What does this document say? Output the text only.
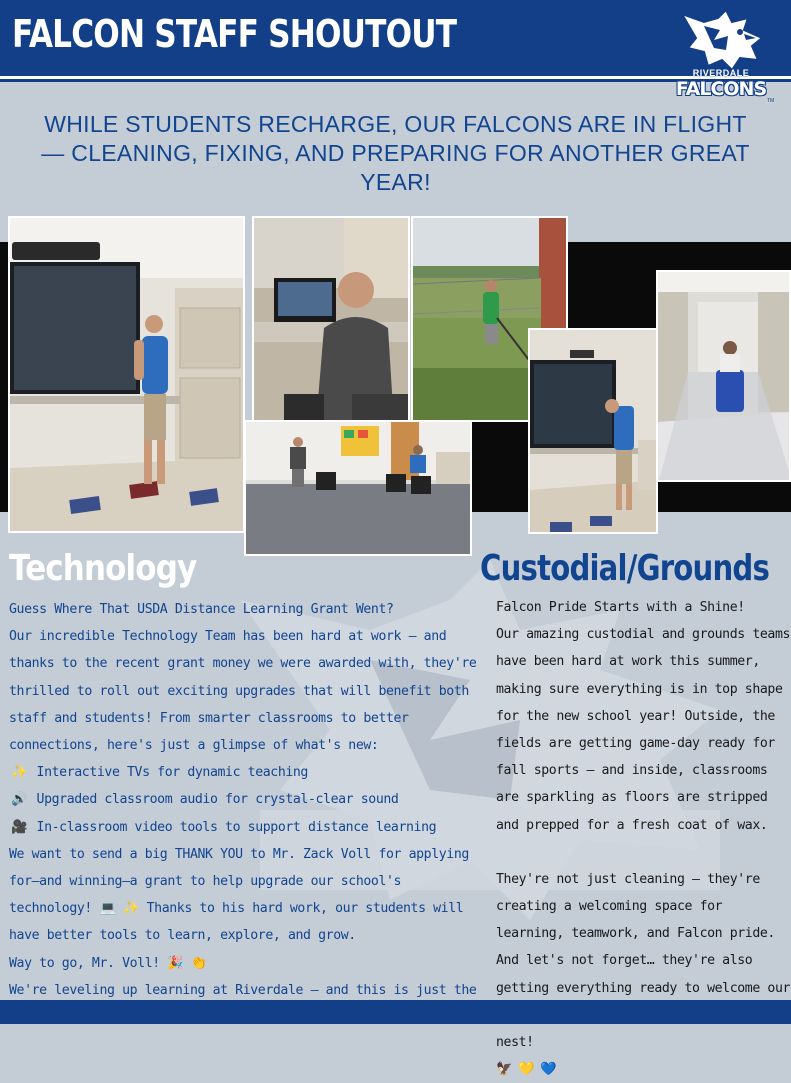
FALCON STAFF SHOUTOUT
RIVERDALE
FALCONS
TM
WHILE STUDENTS RECHARGE, OUR FALCONS ARE IN FLIGHT — CLEANING, FIXING, AND PREPARING FOR ANOTHER GREAT YEAR!
Technology	Custodial/Grounds

Guess Where That USDA Distance Learning Grant Went?

Our incredible Technology Team has been hard at work – and thanks to the recent grant money we were awarded with, they're thrilled to roll out exciting upgrades that will benefit both staff and students! From smarter classrooms to better connections, here's just a glimpse of what's new:

✨ Interactive TVs for dynamic teaching

🔊 Upgraded classroom audio for crystal-clear sound

🎥 In-classroom video tools to support distance learning

We want to send a big THANK YOU to Mr. Zack Voll for applying for—and winning—a grant to help upgrade our school's technology! 💻 ✨ Thanks to his hard work, our students will have better tools to learn, explore, and grow.

Way to go, Mr. Voll! 🎉 👏

We're leveling up learning at Riverdale – and this is just the

Falcon Pride Starts with a Shine!

Our amazing custodial and grounds teams have been hard at work this summer, making sure everything is in top shape for the new school year! Outside, the fields are getting game-day ready for fall sports – and inside, classrooms are sparkling as floors are stripped and prepped for a fresh coat of wax.

They're not just cleaning – they're creating a welcoming space for learning, teamwork, and Falcon pride. And let's not forget… they're also getting everything ready to welcome our nest!

🦅 💛 💙
